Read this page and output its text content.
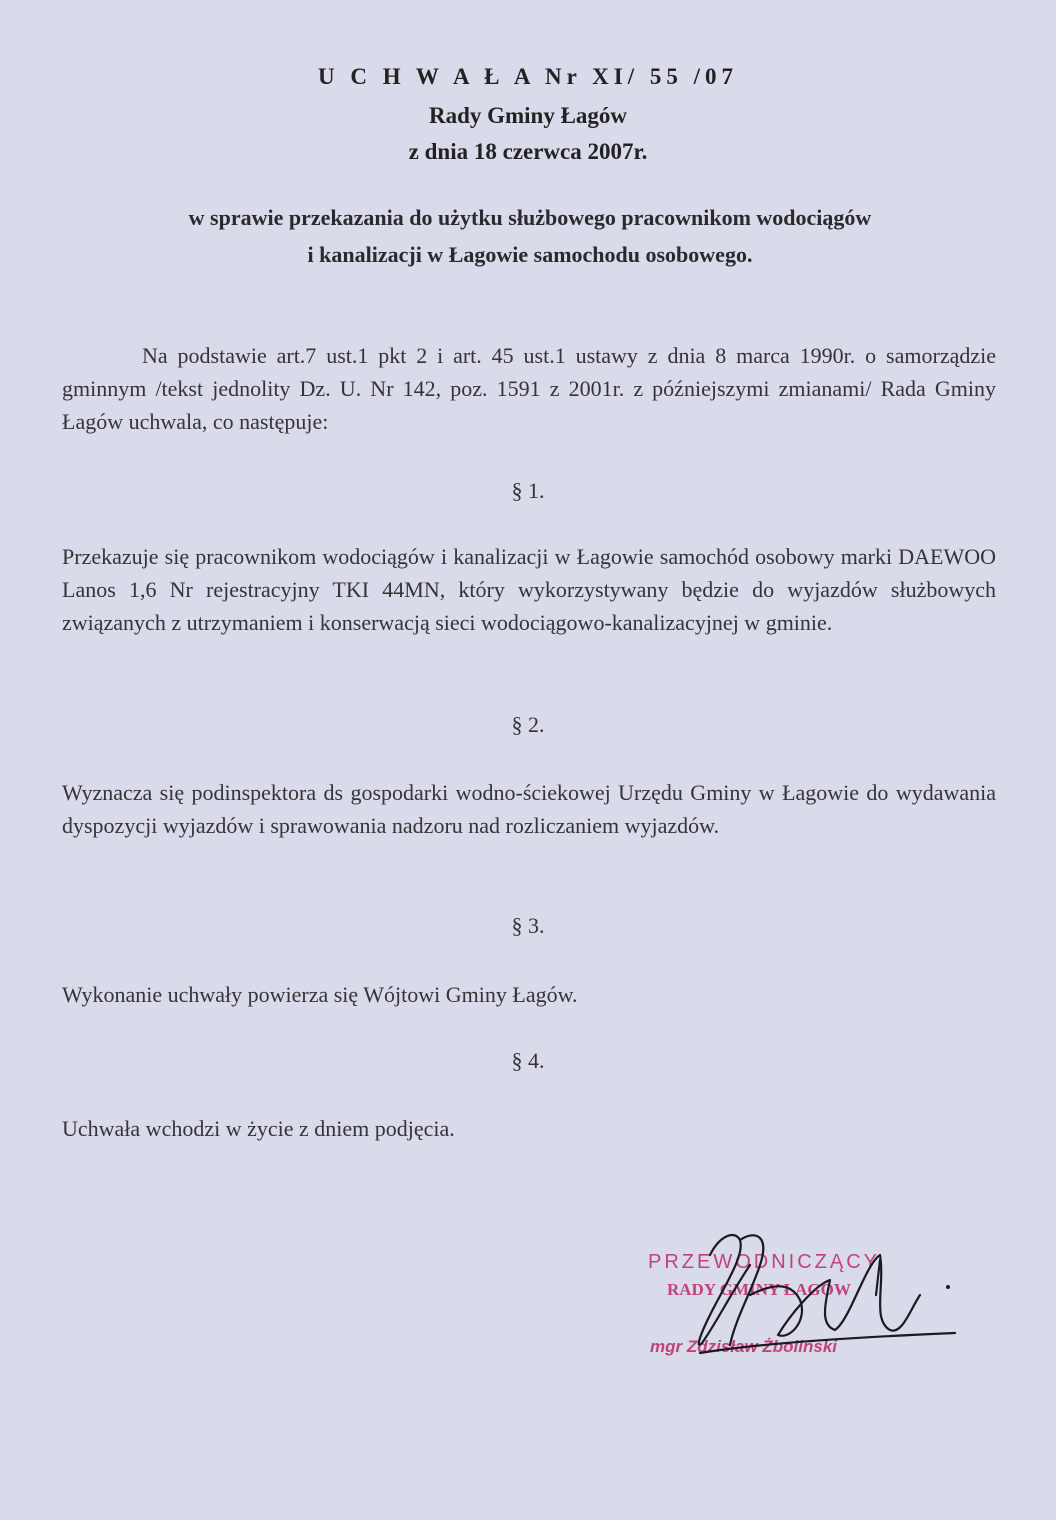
U C H W A Ł A Nr XI/ 55 /07
Rady Gminy Łagów
z dnia 18 czerwca 2007r.
w sprawie przekazania do użytku służbowego pracownikom wodociągów
i kanalizacji w Łagowie samochodu osobowego.
Na podstawie art.7 ust.1 pkt 2 i art. 45 ust.1 ustawy z dnia 8 marca 1990r. o samorządzie gminnym /tekst jednolity Dz. U. Nr 142, poz. 1591 z 2001r. z późniejszymi zmianami/ Rada Gminy Łagów uchwala, co następuje:
§ 1.
Przekazuje się pracownikom wodociągów i kanalizacji w Łagowie samochód osobowy marki DAEWOO Lanos 1,6 Nr rejestracyjny TKI 44MN, który wykorzystywany będzie do wyjazdów służbowych związanych z utrzymaniem i konserwacją sieci wodociągowo-kanalizacyjnej w gminie.
§ 2.
Wyznacza się podinspektora ds gospodarki wodno-ściekowej Urzędu Gminy w Łagowie do wydawania dyspozycji wyjazdów i sprawowania nadzoru nad rozliczaniem wyjazdów.
§ 3.
Wykonanie uchwały powierza się Wójtowi Gminy Łagów.
§ 4.
Uchwała wchodzi w życie z dniem podjęcia.
PRZEWODNICZĄCY
RADY GMINY ŁAGÓW
mgr Zdzisław Żboliński
